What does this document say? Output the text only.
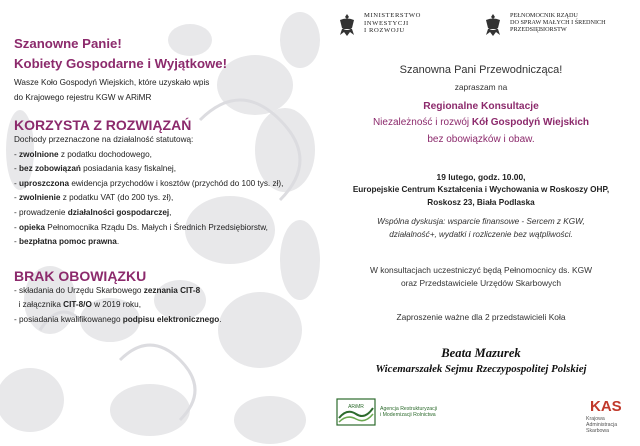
Szanowne Panie!
Kobiety Gospodarne i Wyjątkowe!
Wasze Koło Gospodyń Wiejskich, które uzyskało wpis
do Krajowego rejestru KGW w ARiMR
KORZYSTA Z ROZWIĄZAŃ
Dochody przeznaczone na działalność statutową:
- zwolnione z podatku dochodowego,
- bez zobowiązań posiadania kasy fiskalnej,
- uproszczona ewidencja przychodów i kosztów (przychód do 100 tys. zł),
- zwolnienie z podatku VAT (do 200 tys. zł),
- prowadzenie działalności gospodarczej,
- opieka Pełnomocnika Rządu Ds. Małych i Średnich Przedsiębiorstw,
- bezpłatna pomoc prawna.
BRAK OBOWIĄZKU
- składania do Urzędu Skarbowego zeznania CIT-8
i załącznika CIT-8/O w 2019 roku,
- posiadania kwalifikowanego podpisu elektronicznego.
MINISTERSTWO
INWESTYCJI
I ROZWOJU
PEŁNOMOCNIK RZĄDU
DO SPRAW MAŁYCH I ŚREDNICH
PRZEDSIĘBIORSTW
Szanowna Pani Przewodnicząca!
zapraszam na
Regionalne Konsultacje
Niezależność i rozwój Kół Gospodyń Wiejskich
bez obowiązków i obaw.
19 lutego, godz. 10.00,
Europejskie Centrum Kształcenia i Wychowania w Roskoszy OHP,
Roskosz 23, Biała Podlaska
Wspólna dyskusja: wsparcie finansowe - Sercem z KGW,
działalność+, wydatki i rozliczenie bez wątpliwości.
W konsultacjach uczestniczyć będą Pełnomocnicy ds. KGW
oraz Przedstawiciele Urzędów Skarbowych
Zaproszenie ważne dla 2 przedstawicieli Koła
Beata Mazurek
Wicemarszałek Sejmu Rzeczypospolitej Polskiej
ARiMR	Agencja Restrukturyzacji
i Modernizacji Rolnictwa	KAS
Krajowa Administracja
Skarbowa
